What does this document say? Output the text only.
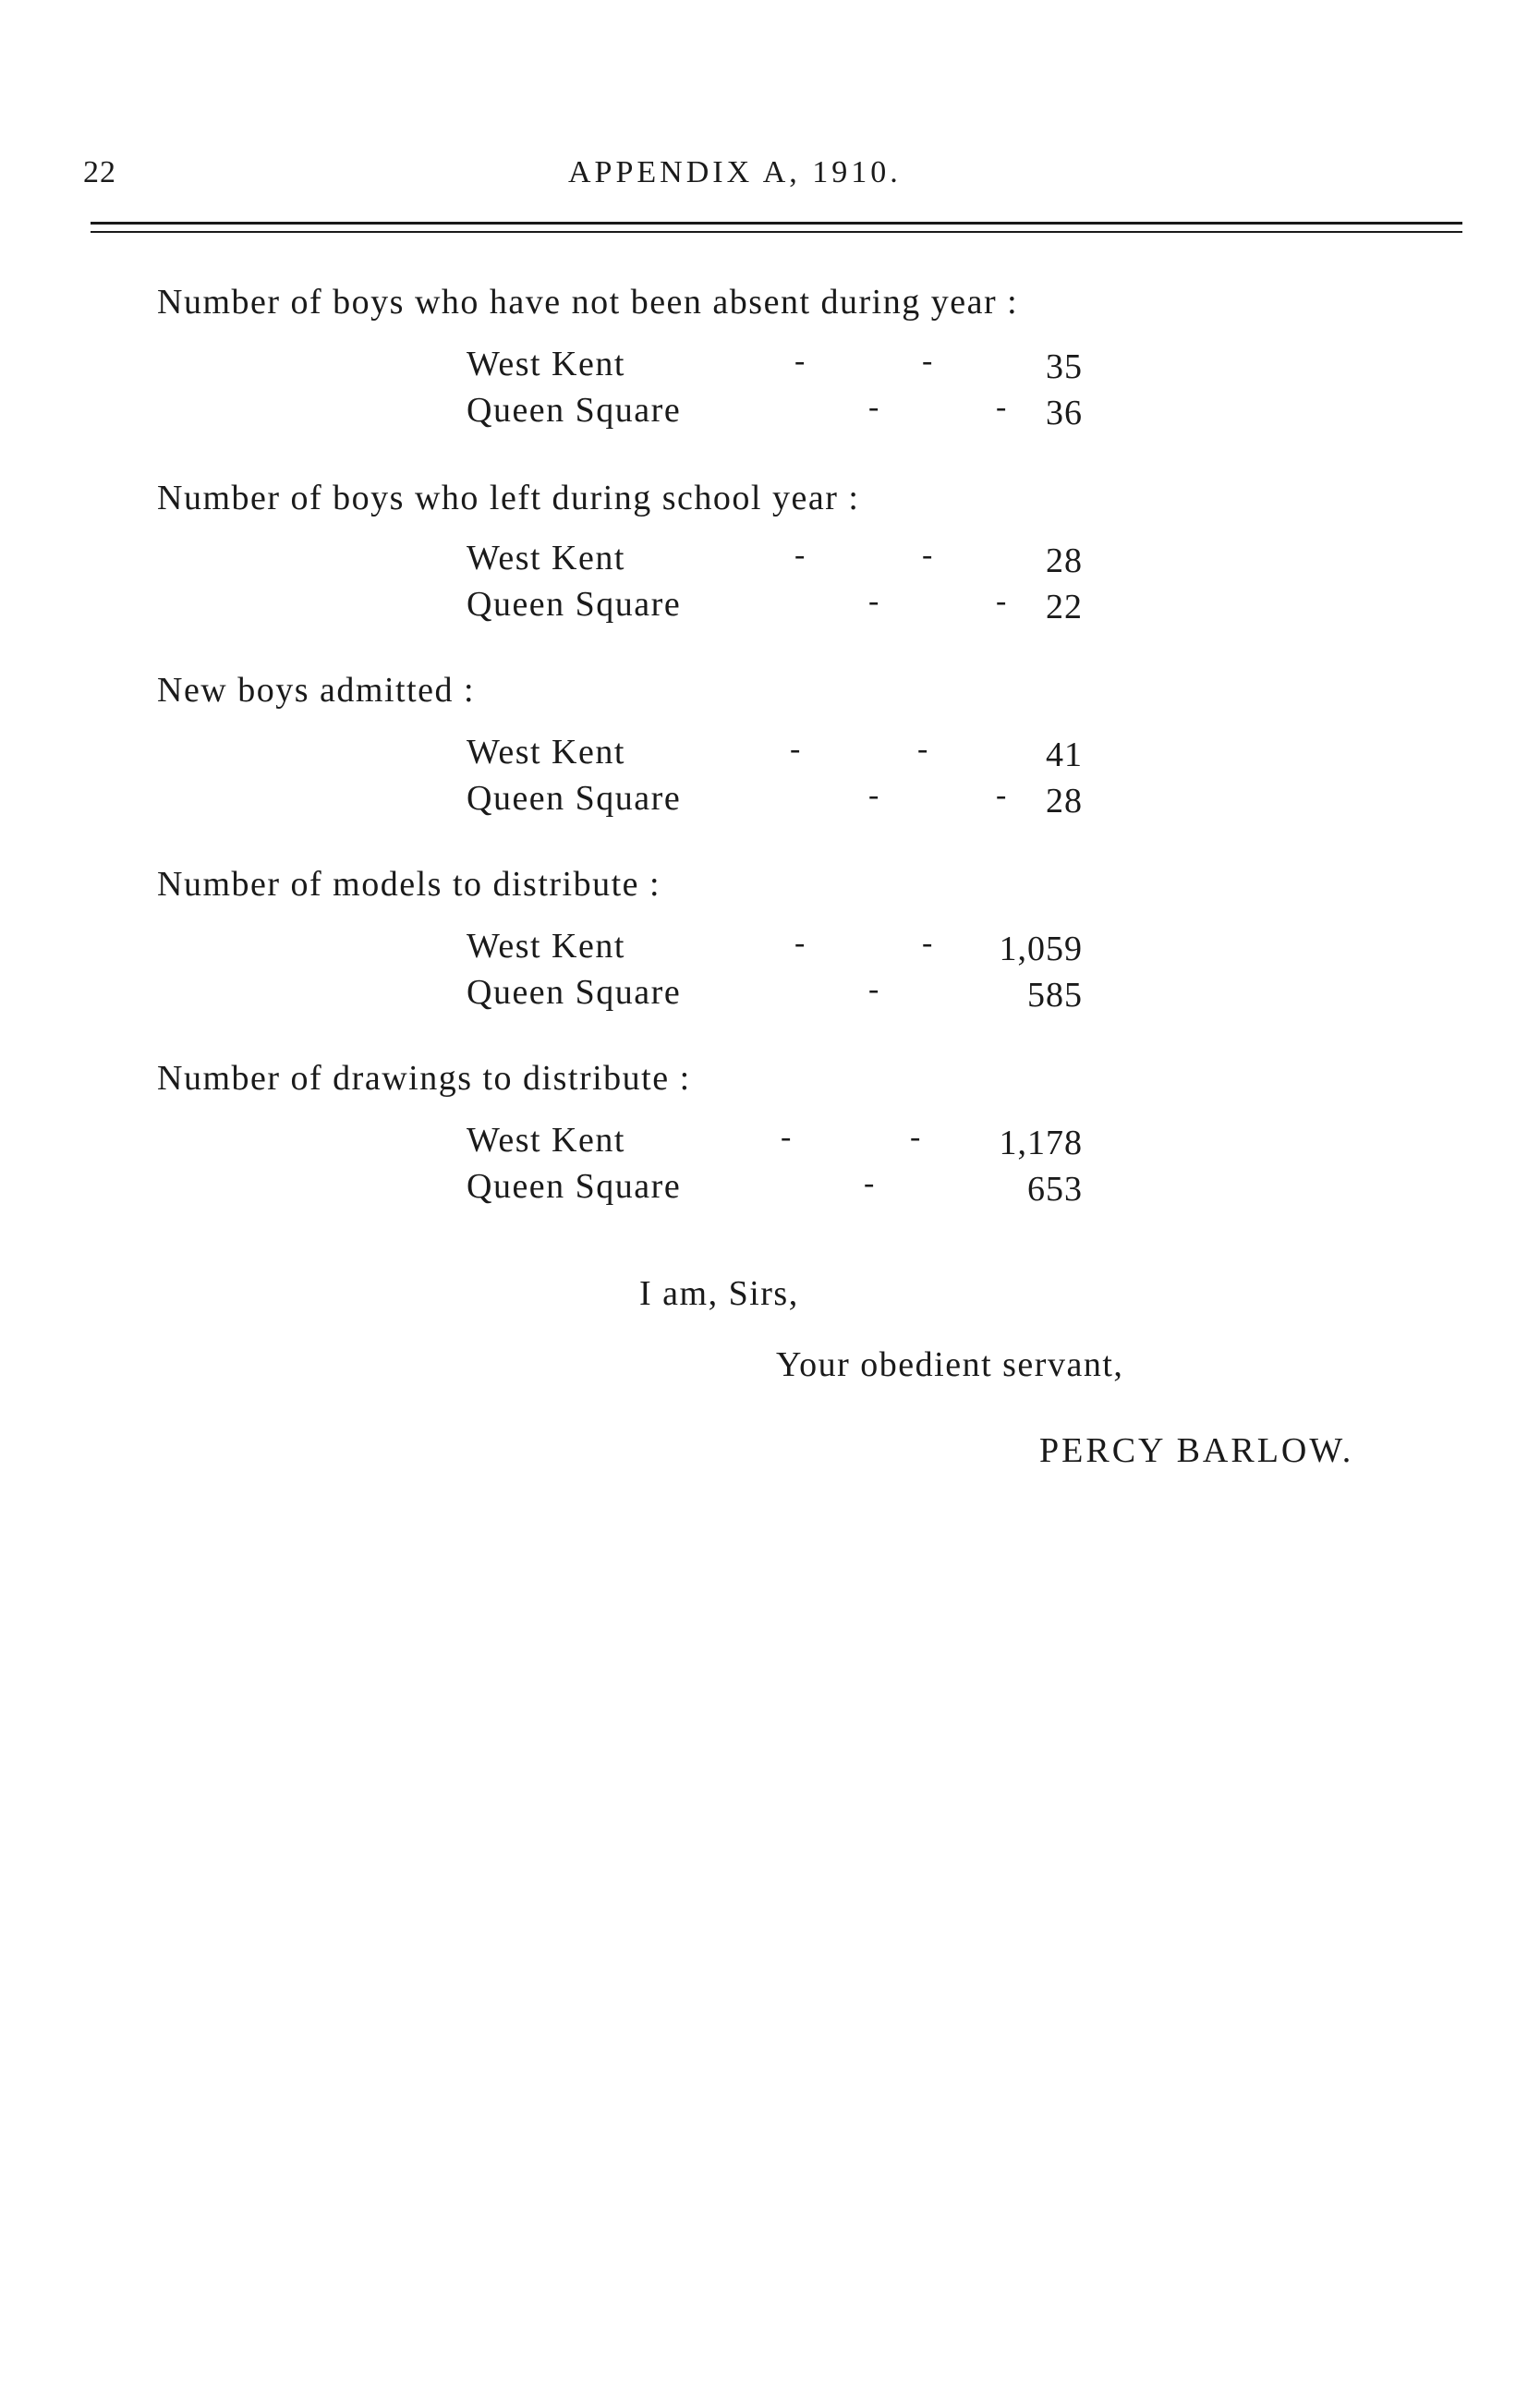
22	APPENDIX A, 1910.
Number of boys who have not been absent during year :
West Kent	-	-	35
Queen Square	-	- 36
Number of boys who left during school year :
West Kent	-	-	28
Queen Square	-	- 22
New boys admitted :
West Kent	-	-	41
Queen Square	-	- 28
Number of models to distribute :
West Kent	-	- 1,059
Queen Square	-	585
Number of drawings to distribute :
West Kent	-	- 1,178
Queen Square	-	653
I am, Sirs,
Your obedient servant,
PERCY BARLOW.
